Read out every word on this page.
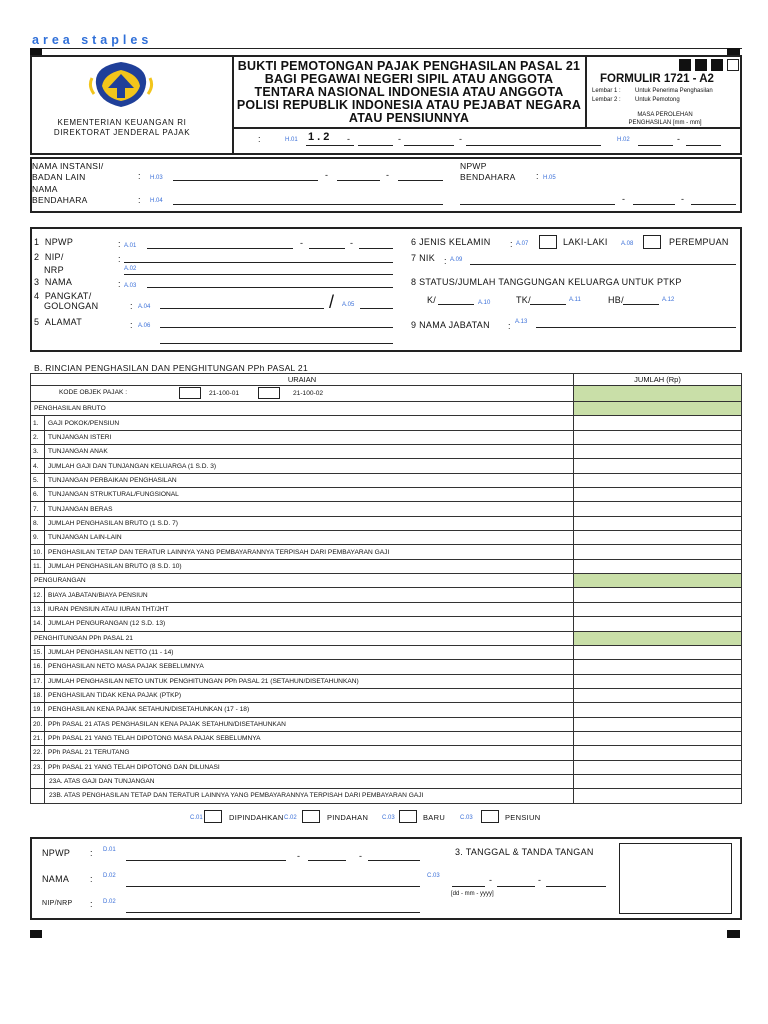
area staples
KEMENTERIAN KEUANGAN RI
DIREKTORAT JENDERAL PAJAK
BUKTI PEMOTONGAN PAJAK PENGHASILAN PASAL 21
BAGI PEGAWAI NEGERI SIPIL ATAU ANGGOTA
TENTARA NASIONAL INDONESIA ATAU ANGGOTA
POLISI REPUBLIK INDONESIA ATAU PEJABAT NEGARA
ATAU PENSIUNNYA
FORMULIR 1721 - A2
Lembar 1 : Untuk Penerima Penghasilan
Lembar 2 : Untuk Pemotong
MASA PEROLEHAN
PENGHASILAN [mm - mm]
:	H.01 1 . 2 -	-	-	H.02	-
NAMA INSTANSI/
BADAN LAIN	: H.03	-	-
NPWP
BENDAHARA : H.05
NAMA
BENDAHARA	: H.04	-	-
1 NPWP	: A.01	-	-
2 NIP/	:
NRP	A.02
3 NAMA	: A.03
4 PANGKAT/
GOLONGAN	: A.04	/ A.05
5 ALAMAT	: A.06
6 JENIS KELAMIN : A.07	LAKI-LAKI A.08	PEREMPUAN
7 NIK : A.09
8 STATUS/JUMLAH TANGGUNGAN KELUARGA UNTUK PTKP
K/	A.10	TK/	A.11	HB/	A.12
9 NAMA JABATAN : A.13
B. RINCIAN PENGHASILAN DAN PENGHITUNGAN PPh PASAL 21
URAIAN		JUMLAH (Rp)

KODE OBJEK PAJAK : 21-100-01 21-100-02		

PENGHASILAN BRUTO		
1.	GAJI POKOK/PENSIUN	
2.	TUNJANGAN ISTERI	
3.	TUNJANGAN ANAK	
4.	JUMLAH GAJI DAN TUNJANGAN KELUARGA (1 S.D. 3)	
5.	TUNJANGAN PERBAIKAN PENGHASILAN	
6.	TUNJANGAN STRUKTURAL/FUNGSIONAL	
7.	TUNJANGAN BERAS	
8.	JUMLAH PENGHASILAN BRUTO (1 S.D. 7)	
9.	TUNJANGAN LAIN-LAIN	
10.	PENGHASILAN TETAP DAN TERATUR LAINNYA YANG PEMBAYARANNYA TERPISAH DARI PEMBAYARAN GAJI	
11.	JUMLAH PENGHASILAN BRUTO (8 S.D. 10)	
PENGURANGAN		
12.	BIAYA JABATAN/BIAYA PENSIUN	
13.	IURAN PENSIUN ATAU IURAN THT/JHT	
14.	JUMLAH PENGURANGAN (12 S.D. 13)	
PENGHITUNGAN PPh PASAL 21		
15.	JUMLAH PENGHASILAN NETTO (11 - 14)	
16.	PENGHASILAN NETO MASA PAJAK SEBELUMNYA	
17.	JUMLAH PENGHASILAN NETO UNTUK PENGHITUNGAN PPh PASAL 21 (SETAHUN/DISETAHUNKAN)	
18.	PENGHASILAN TIDAK KENA PAJAK (PTKP)	
19.	PENGHASILAN KENA PAJAK SETAHUN/DISETAHUNKAN (17 - 18)	
20.	PPh PASAL 21 ATAS PENGHASILAN KENA PAJAK SETAHUN/DISETAHUNKAN	
21.	PPh PASAL 21 YANG TELAH DIPOTONG MASA PAJAK SEBELUMNYA	
22.	PPh PASAL 21 TERUTANG	
23.	PPh PASAL 21 YANG TELAH DIPOTONG DAN DILUNASI	
	23A. ATAS GAJI DAN TUNJANGAN	
	23B. ATAS PENGHASILAN TETAP DAN TERATUR LAINNYA YANG PEMBAYARANNYA TERPISAH DARI PEMBAYARAN GAJI	
C.01	DIPINDAHKAN C.02	PINDAHAN C.03	BARU C.03	PENSIUN
NPWP : D.01
-	-
NAMA : D.02
NIP/NRP : D.02
3. TANGGAL & TANDA TANGAN
C.03	-	-
[dd - mm - yyyy]
